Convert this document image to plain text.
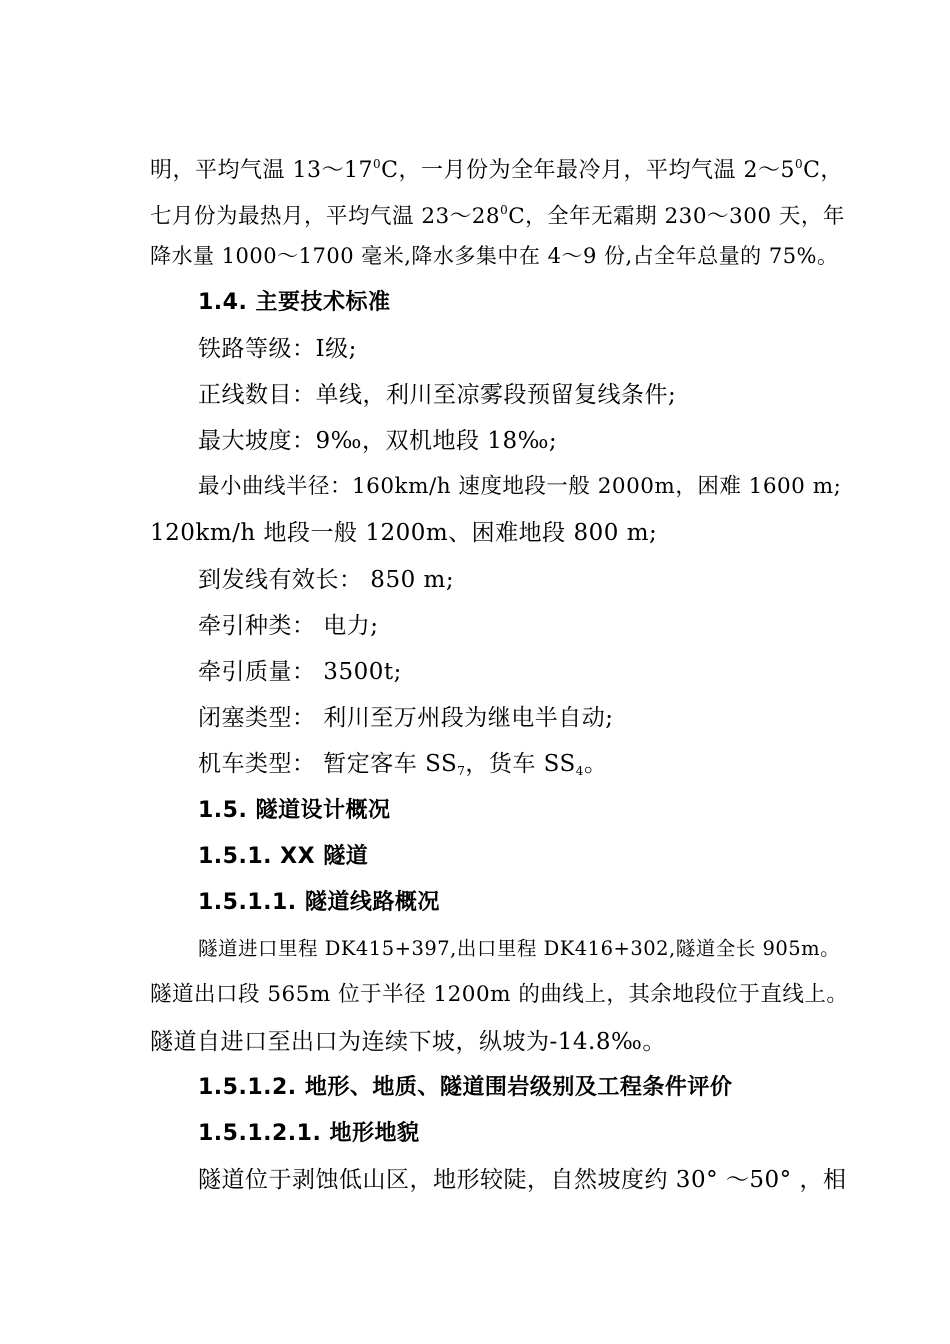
明，平均气温 $13\sim 17^0C$，一月份为全年最冷月，平均气温 $2\sim 5^0C$，
七月份为最热月，平均气温 $23\sim 28^0C$，全年无霜期 230～300 天，年
降水量 1000～1700 毫米,降水多集中在 4～9 份,占全年总量的 75%。
1.4. 主要技术标准
铁路等级：Ⅰ级;
正线数目：单线，利川至凉雾段预留复线条件;
最大坡度：9‰，双机地段 18‰;
最小曲线半径：160km/h 速度地段一般 2000m，困难 1600 m;
120km/h 地段一般 1200m、困难地段 800 m;
到发线有效长： 850 m;
牵引种类： 电力;
牵引质量： 3500t;
闭塞类型： 利川至万州段为继电半自动;
机车类型： 暂定客车 $SS_7$，货车 $SS_4$。
1.5. 隧道设计概况
1.5.1. XX 隧道
1.5.1.1. 隧道线路概况
隧道进口里程 DK415+397,出口里程 DK416+302,隧道全长 905m。
隧道出口段 565m 位于半径 1200m 的曲线上，其余地段位于直线上。
隧道自进口至出口为连续下坡，纵坡为-14.8‰。
1.5.1.2. 地形、地质、隧道围岩级别及工程条件评价
1.5.1.2.1. 地形地貌
隧道位于剥蚀低山区，地形较陡，自然坡度约 30° ～50° ，相
